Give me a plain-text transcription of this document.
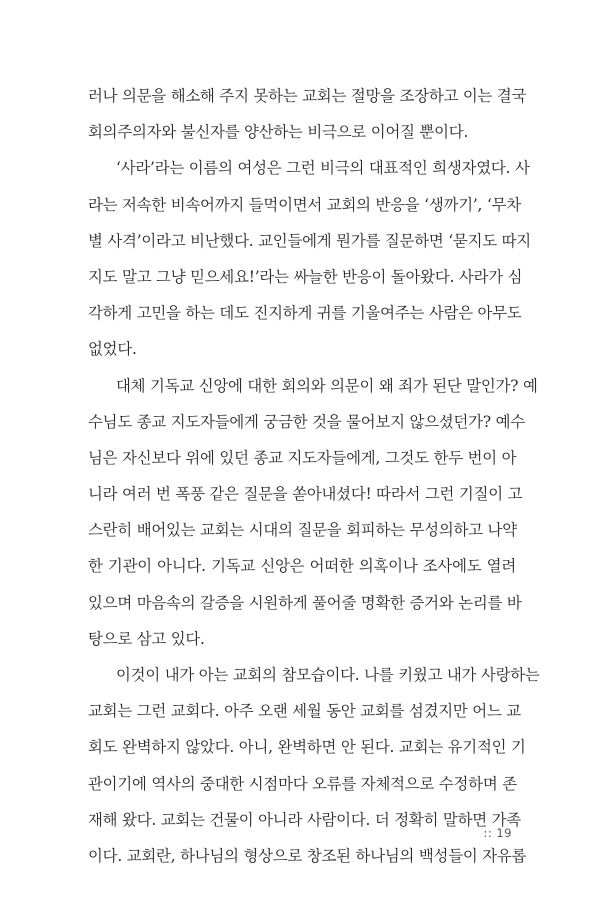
러나 의문을 해소해 주지 못하는 교회는 절망을 조장하고 이는 결국
회의주의자와 불신자를 양산하는 비극으로 이어질 뿐이다.
‘사라’라는 이름의 여성은 그런 비극의 대표적인 희생자였다. 사
라는 저속한 비속어까지 들먹이면서 교회의 반응을 ‘생까기’, ‘무차
별 사격’이라고 비난했다. 교인들에게 뭔가를 질문하면 ‘묻지도 따지
지도 말고 그냥 믿으세요!’라는 싸늘한 반응이 돌아왔다. 사라가 심
각하게 고민을 하는 데도 진지하게 귀를 기울여주는 사람은 아무도
없었다.
대체 기독교 신앙에 대한 회의와 의문이 왜 죄가 된단 말인가? 예
수님도 종교 지도자들에게 궁금한 것을 물어보지 않으셨던가? 예수
님은 자신보다 위에 있던 종교 지도자들에게, 그것도 한두 번이 아
니라 여러 번 폭풍 같은 질문을 쏟아내셨다! 따라서 그런 기질이 고
스란히 배어있는 교회는 시대의 질문을 회피하는 무성의하고 나약
한 기관이 아니다. 기독교 신앙은 어떠한 의혹이나 조사에도 열려
있으며 마음속의 갈증을 시원하게 풀어줄 명확한 증거와 논리를 바
탕으로 삼고 있다.
이것이 내가 아는 교회의 참모습이다. 나를 키웠고 내가 사랑하는
교회는 그런 교회다. 아주 오랜 세월 동안 교회를 섬겼지만 어느 교
회도 완벽하지 않았다. 아니, 완벽하면 안 된다. 교회는 유기적인 기
관이기에 역사의 중대한 시점마다 오류를 자체적으로 수정하며 존
재해 왔다. 교회는 건물이 아니라 사람이다. 더 정확히 말하면 가족
이다. 교회란, 하나님의 형상으로 창조된 하나님의 백성들이 자유롭
:: 19
